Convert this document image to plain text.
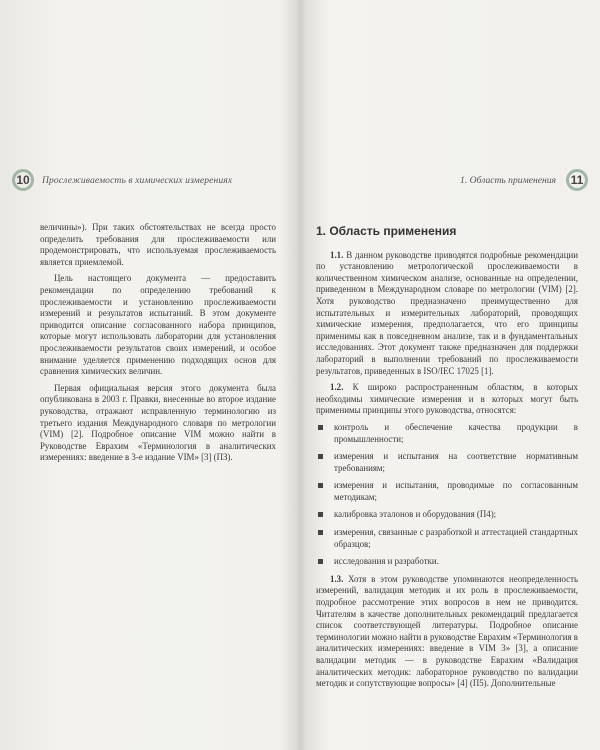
10 Прослеживаемость в химических измерениях

величины»). При таких обстоятельствах не всегда просто определить требования для прослеживаемости или продемонстрировать, что используемая прослеживаемость является приемлемой.

Цель настоящего документа — предоставить рекомендации по определению требований к прослеживаемости и установлению прослеживаемости измерений и результатов испытаний. В этом документе приводится описание согласованного набора принципов, которые могут использовать лаборатории для установления прослеживаемости результатов своих измерений, и особое внимание уделяется применению подходящих основ для сравнения химических величин.

Первая официальная версия этого документа была опубликована в 2003 г. Правки, внесенные во второе издание руководства, отражают исправленную терминологию из третьего издания Международного словаря по метрологии (VIM) [2]. Подробное описание VIM можно найти в Руководстве Еврахим «Терминология в аналитических измерениях: введение в 3-е издание VIM» [3] (ПЗ).

1. Область применения 11
1. Область применения

1.1. В данном руководстве приводятся подробные рекомендации по установлению метрологической прослеживаемости в количественном химическом анализе, основанные на определении, приведенном в Международном словаре по метрологии (VIM) [2]. Хотя руководство предназначено преимущественно для испытательных и измерительных лабораторий, проводящих химические измерения, предполагается, что его принципы применимы как в повседневном анализе, так и в фундаментальных исследованиях. Этот документ также предназначен для поддержки лабораторий в выполнении требований по прослеживаемости результатов, приведенных в ISO/IEC 17025 [1].

1.2. К широко распространенным областям, в которых необходимы химические измерения и в которых могут быть применимы принципы этого руководства, относятся:

контроль и обеспечение качества продукции в промышленности;
измерения и испытания на соответствие нормативным требованиям;
измерения и испытания, проводимые по согласованным методикам;
калибровка эталонов и оборудования (П4);
измерения, связанные с разработкой и аттестацией стандартных образцов;
исследования и разработки.

1.3. Хотя в этом руководстве упоминаются неопределенность измерений, валидация методик и их роль в прослеживаемости, подробное рассмотрение этих вопросов в нем не приводится. Читателям в качестве дополнительных рекомендаций предлагается список соответствующей литературы. Подробное описание терминологии можно найти в руководстве Еврахим «Терминология в аналитических измерениях: введение в VIM 3» [3], а описание валидации методик — в руководстве Еврахим «Валидация аналитических методик: лабораторное руководство по валидации методик и сопутствующие вопросы» [4] (П5). Дополнительные
